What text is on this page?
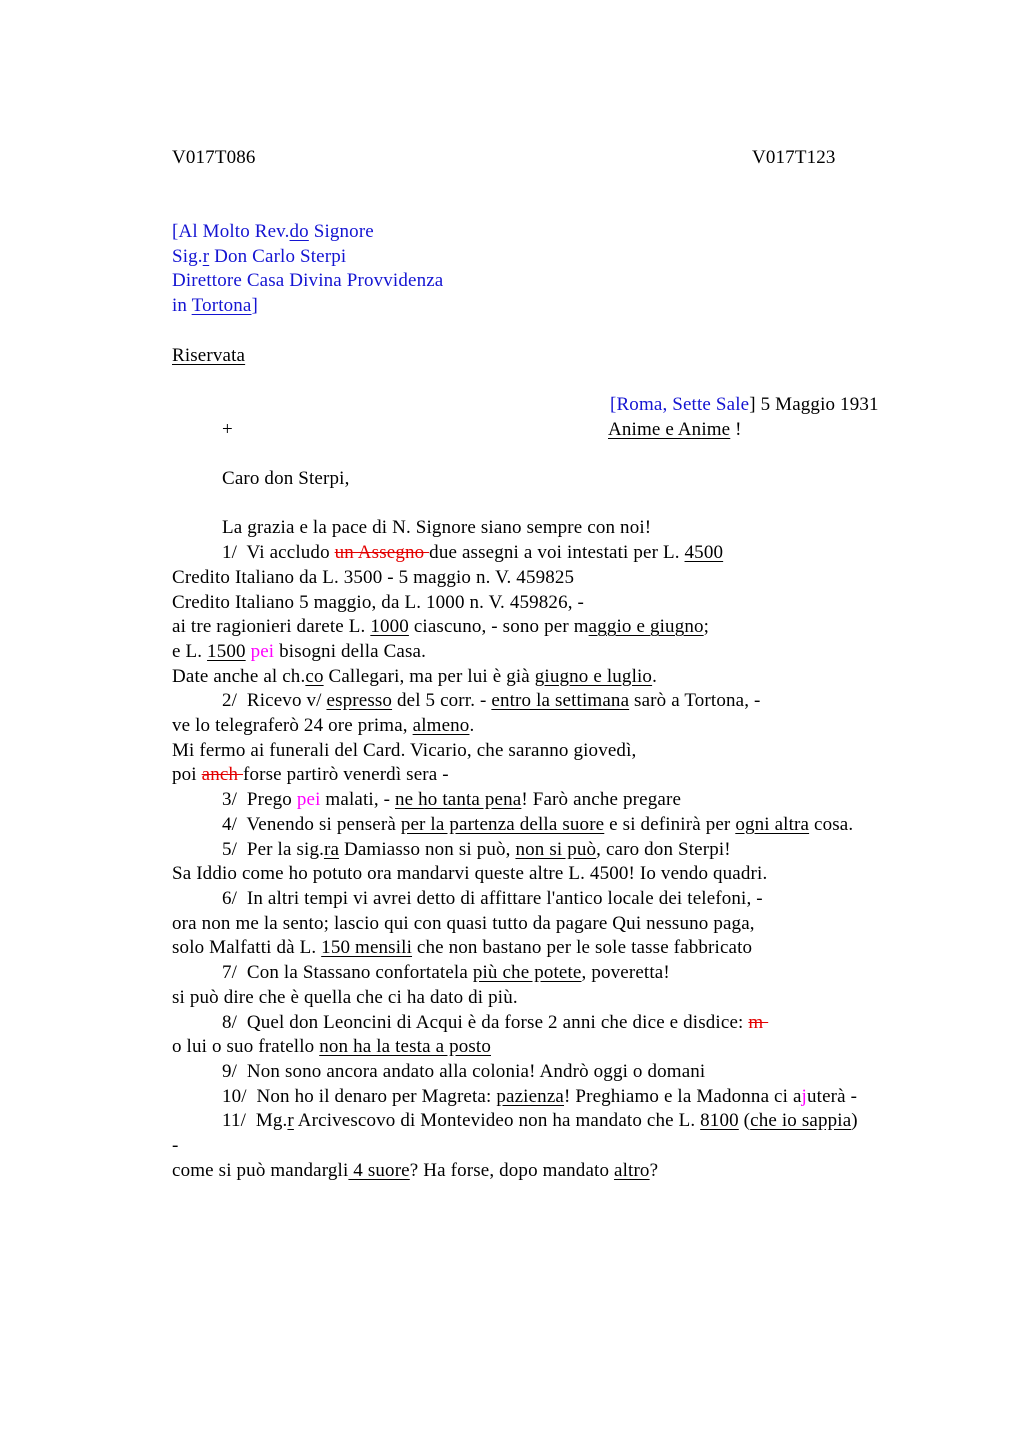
V017T086	V017T123
[Al Molto Rev.do Signore
Sig.r Don Carlo Sterpi
Direttore Casa Divina Provvidenza
in Tortona]
Riservata
[Roma, Sette Sale] 5 Maggio 1931
+	Anime e Anime !
Caro don Sterpi,
La grazia e la pace di N. Signore siano sempre con noi!
1/  Vi accludo un Assegno due assegni a voi intestati per L. 4500
Credito Italiano da L. 3500 - 5 maggio n. V. 459825
Credito Italiano 5 maggio, da L. 1000 n. V. 459826, -
ai tre ragionieri darete L. 1000 ciascuno, - sono per maggio e giugno;
e L. 1500 pei bisogni della Casa.
Date anche al ch.co Callegari, ma per lui è già giugno e luglio.
2/  Ricevo v/ espresso del 5 corr. - entro la settimana sarò a Tortona, -
ve lo telegraferò 24 ore prima, almeno.
Mi fermo ai funerali del Card. Vicario, che saranno giovedì,
poi anch forse partirò venerdì sera -
3/  Prego pei malati, - ne ho tanta pena! Farò anche pregare
4/  Venendo si penserà per la partenza della suore e si definirà per ogni altra cosa.
5/  Per la sig.ra Damiasso non si può, non si può, caro don Sterpi!
Sa Iddio come ho potuto ora mandarvi queste altre L. 4500! Io vendo quadri.
6/  In altri tempi vi avrei detto di affittare l'antico locale dei telefoni, -
ora non me la sento; lascio qui con quasi tutto da pagare Qui nessuno paga,
solo Malfatti dà L. 150 mensili che non bastano per le sole tasse fabbricato
7/  Con la Stassano confortatela più che potete, poveretta!
si può dire che è quella che ci ha dato di più.
8/  Quel don Leoncini di Acqui è da forse 2 anni che dice e disdice: m
o lui o suo fratello non ha la testa a posto
9/  Non sono ancora andato alla colonia! Andrò oggi o domani
10/  Non ho il denaro per Magreta: pazienza! Preghiamo e la Madonna ci ajuterà -
11/  Mg.r Arcivescovo di Montevideo non ha mandato che L. 8100 (che io sappia)
-
come si può mandargli 4 suore? Ha forse, dopo mandato altro?
